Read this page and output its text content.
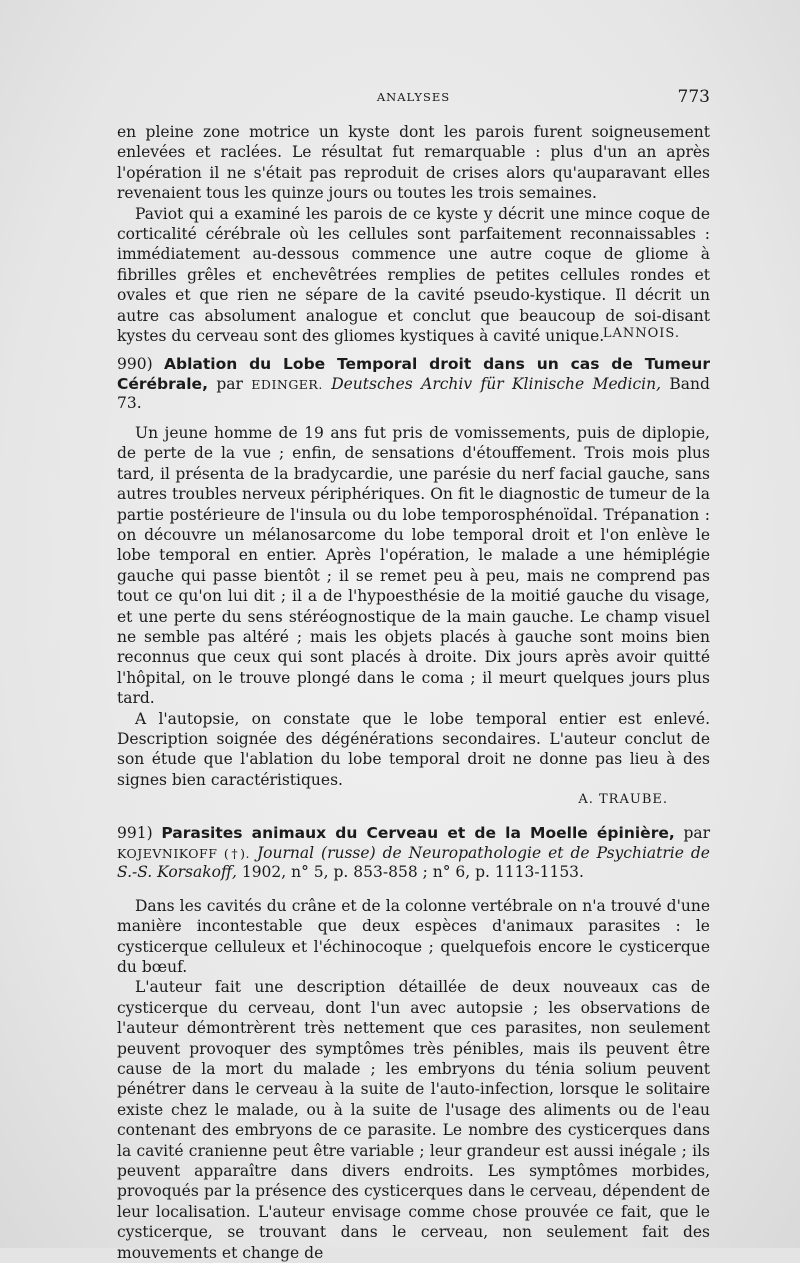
ANALYSES	773

en pleine zone motrice un kyste dont les parois furent soigneusement enlevées et raclées. Le résultat fut remarquable : plus d'un an après l'opération il ne s'était pas reproduit de crises alors qu'auparavant elles revenaient tous les quinze jours ou toutes les trois semaines.

Paviot qui a examiné les parois de ce kyste y décrit une mince coque de corticalité cérébrale où les cellules sont parfaitement reconnaissables : immédiatement au-dessous commence une autre coque de gliome à fibrilles grêles et enchevêtrées remplies de petites cellules rondes et ovales et que rien ne sépare de la cavité pseudo-kystique. Il décrit un autre cas absolument analogue et conclut que beaucoup de soi-disant kystes du cerveau sont des gliomes kystiques à cavité unique.

LANNOIS.
990) Ablation du Lobe Temporal droit dans un cas de Tumeur Cérébrale, par EDINGER. Deutsches Archiv für Klinische Medicin, Band 73.

Un jeune homme de 19 ans fut pris de vomissements, puis de diplopie, de perte de la vue ; enfin, de sensations d'étouffement. Trois mois plus tard, il présenta de la bradycardie, une parésie du nerf facial gauche, sans autres troubles nerveux périphériques. On fit le diagnostic de tumeur de la partie postérieure de l'insula ou du lobe temporosphénoïdal. Trépanation : on découvre un mélanosarcome du lobe temporal droit et l'on enlève le lobe temporal en entier. Après l'opération, le malade a une hémiplégie gauche qui passe bientôt ; il se remet peu à peu, mais ne comprend pas tout ce qu'on lui dit ; il a de l'hypoesthésie de la moitié gauche du visage, et une perte du sens stéréognostique de la main gauche. Le champ visuel ne semble pas altéré ; mais les objets placés à gauche sont moins bien reconnus que ceux qui sont placés à droite. Dix jours après avoir quitté l'hôpital, on le trouve plongé dans le coma ; il meurt quelques jours plus tard.

A l'autopsie, on constate que le lobe temporal entier est enlevé. Description soignée des dégénérations secondaires. L'auteur conclut de son étude que l'ablation du lobe temporal droit ne donne pas lieu à des signes bien caractéristiques.

A. TRAUBE.
991) Parasites animaux du Cerveau et de la Moelle épinière, par KOJEVNIKOFF (†). Journal (russe) de Neuropathologie et de Psychiatrie de S.-S. Korsakoff, 1902, n° 5, p. 853-858 ; n° 6, p. 1113-1153.

Dans les cavités du crâne et de la colonne vertébrale on n'a trouvé d'une manière incontestable que deux espèces d'animaux parasites : le cysticerque celluleux et l'échinocoque ; quelquefois encore le cysticerque du bœuf.

L'auteur fait une description détaillée de deux nouveaux cas de cysticerque du cerveau, dont l'un avec autopsie ; les observations de l'auteur démontrèrent très nettement que ces parasites, non seulement peuvent provoquer des symptômes très pénibles, mais ils peuvent être cause de la mort du malade ; les embryons du ténia solium peuvent pénétrer dans le cerveau à la suite de l'auto-infection, lorsque le solitaire existe chez le malade, ou à la suite de l'usage des aliments ou de l'eau contenant des embryons de ce parasite. Le nombre des cysticerques dans la cavité cranienne peut être variable ; leur grandeur est aussi inégale ; ils peuvent apparaître dans divers endroits. Les symptômes morbides, provoqués par la présence des cysticerques dans le cerveau, dépendent de leur localisation. L'auteur envisage comme chose prouvée ce fait, que le cysticerque, se trouvant dans le cerveau, non seulement fait des mouvements et change de
